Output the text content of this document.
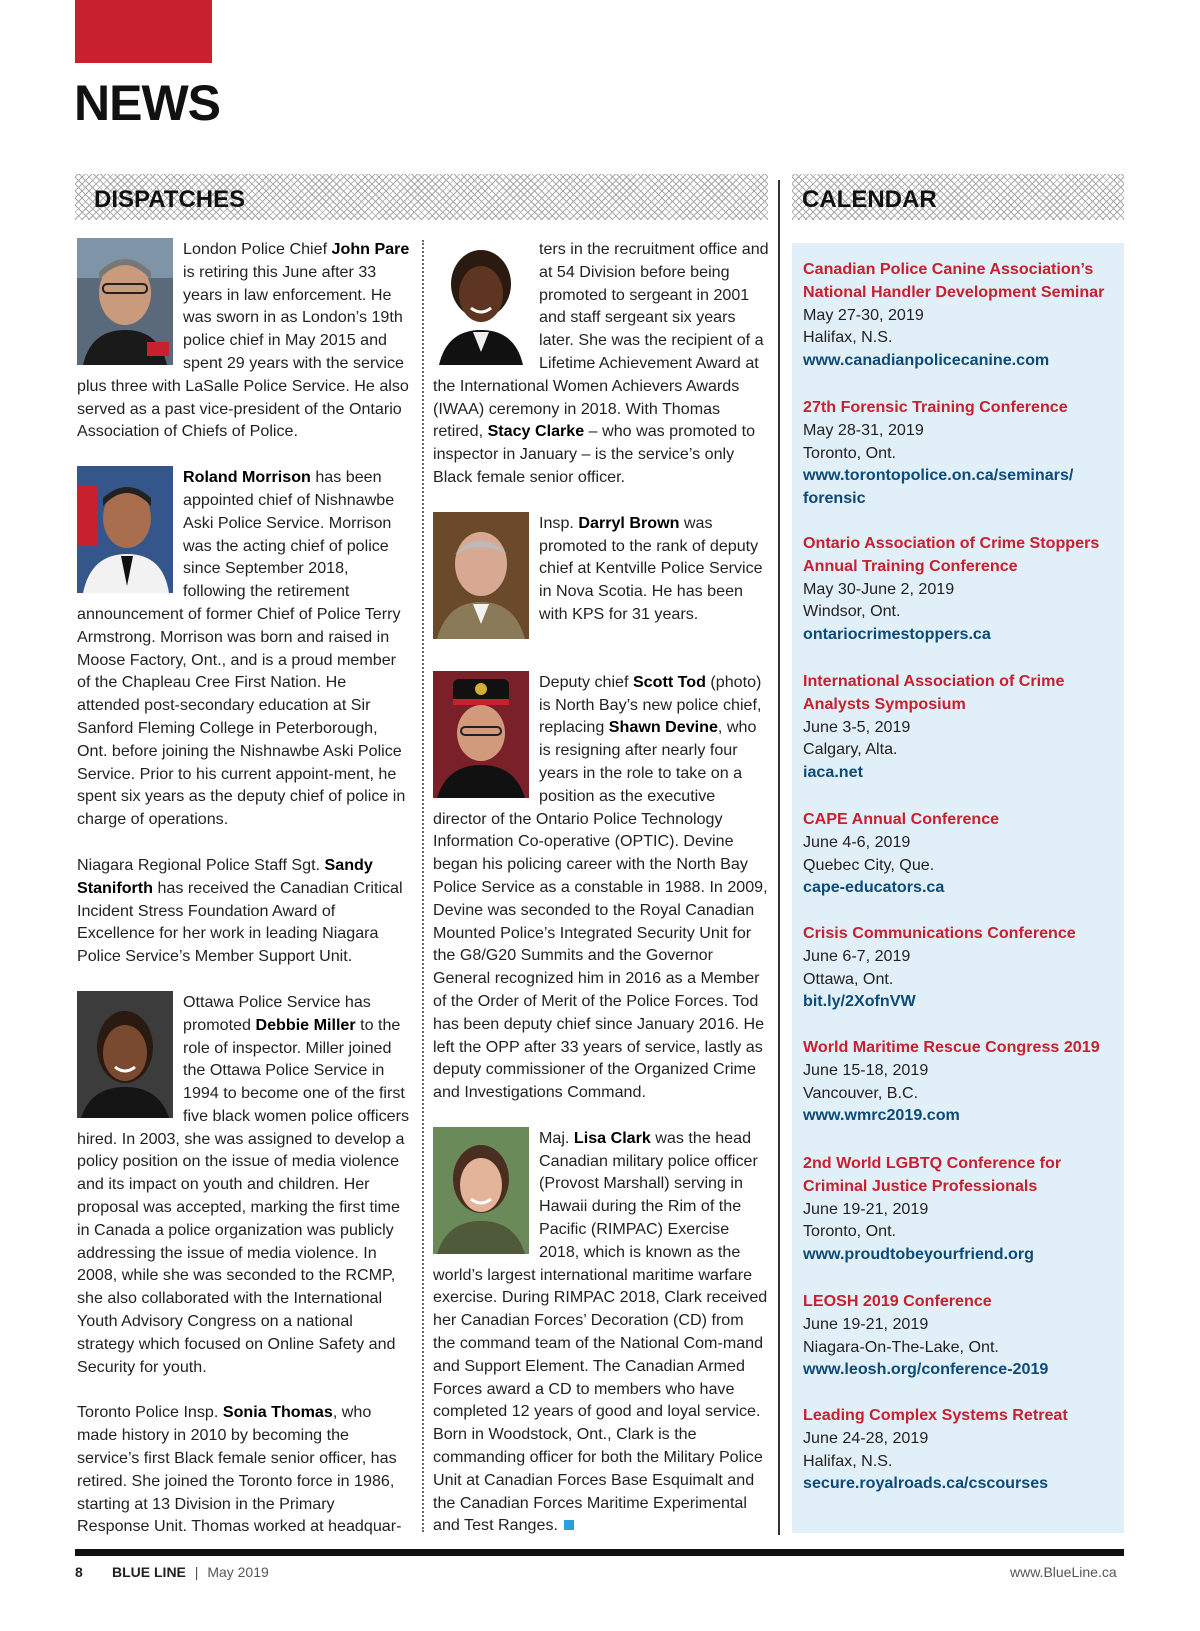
NEWS
DISPATCHES	CALENDAR

London Police Chief John Pare is retiring this June after 33 years in law enforcement. He was sworn in as London’s 19th police chief in May 2015 and spent 29 years with the service plus three with LaSalle Police Service. He also served as a past vice-president of the Ontario Association of Chiefs of Police.

Roland Morrison has been appointed chief of Nishnawbe Aski Police Service. Morrison was the acting chief of police since September 2018, following the retirement announcement of former Chief of Police Terry Armstrong. Morrison was born and raised in Moose Factory, Ont., and is a proud member of the Chapleau Cree First Nation. He attended post-secondary education at Sir Sanford Fleming College in Peterborough, Ont. before joining the Nishnawbe Aski Police Service. Prior to his current appoint-ment, he spent six years as the deputy chief of police in charge of operations.

Niagara Regional Police Staff Sgt. Sandy Staniforth has received the Canadian Critical Incident Stress Foundation Award of Excellence for her work in leading Niagara Police Service’s Member Support Unit.

Ottawa Police Service has promoted Debbie Miller to the role of inspector. Miller joined the Ottawa Police Service in 1994 to become one of the first five black women police officers hired. In 2003, she was assigned to develop a policy position on the issue of media violence and its impact on youth and children. Her proposal was accepted, marking the first time in Canada a police organization was publicly addressing the issue of media violence. In 2008, while she was seconded to the RCMP, she also collaborated with the International Youth Advisory Congress on a national strategy which focused on Online Safety and Security for youth.

Toronto Police Insp. Sonia Thomas, who made history in 2010 by becoming the service’s first Black female senior officer, has retired. She joined the Toronto force in 1986, starting at 13 Division in the Primary Response Unit. Thomas worked at headquar-

ters in the recruitment office and at 54 Division before being promoted to sergeant in 2001 and staff sergeant six years later. She was the recipient of a Lifetime Achievement Award at the International Women Achievers Awards (IWAA) ceremony in 2018. With Thomas retired, Stacy Clarke – who was promoted to inspector in January – is the service’s only Black female senior officer.

Insp. Darryl Brown was promoted to the rank of deputy chief at Kentville Police Service in Nova Scotia. He has been with KPS for 31 years.

Deputy chief Scott Tod (photo) is North Bay’s new police chief, replacing Shawn Devine, who is resigning after nearly four years in the role to take on a position as the executive director of the Ontario Police Technology Information Co-operative (OPTIC). Devine began his policing career with the North Bay Police Service as a constable in 1988. In 2009, Devine was seconded to the Royal Canadian Mounted Police’s Integrated Security Unit for the G8/G20 Summits and the Governor General recognized him in 2016 as a Member of the Order of Merit of the Police Forces. Tod has been deputy chief since January 2016. He left the OPP after 33 years of service, lastly as deputy commissioner of the Organized Crime and Investigations Command.

Maj. Lisa Clark was the head Canadian military police officer (Provost Marshall) serving in Hawaii during the Rim of the Pacific (RIMPAC) Exercise 2018, which is known as the world’s largest international maritime warfare exercise. During RIMPAC 2018, Clark received her Canadian Forces’ Decoration (CD) from the command team of the National Com-mand and Support Element. The Canadian Armed Forces award a CD to members who have completed 12 years of good and loyal service. Born in Woodstock, Ont., Clark is the commanding officer for both the Military Police Unit at Canadian Forces Base Esquimalt and the Canadian Forces Maritime Experimental and Test Ranges.

Canadian Police Canine Association’s National Handler Development Seminar
May 27-30, 2019
Halifax, N.S.
www.canadianpolicecanine.com
27th Forensic Training Conference
May 28-31, 2019
Toronto, Ont.
www.torontopolice.on.ca/seminars/ forensic
Ontario Association of Crime Stoppers Annual Training Conference
May 30-June 2, 2019
Windsor, Ont.
ontariocrimestoppers.ca
International Association of Crime Analysts Symposium
June 3-5, 2019
Calgary, Alta.
iaca.net
CAPE Annual Conference
June 4-6, 2019
Quebec City, Que.
cape-educators.ca
Crisis Communications Conference
June 6-7, 2019
Ottawa, Ont.
bit.ly/2XofnVW
World Maritime Rescue Congress 2019
June 15-18, 2019
Vancouver, B.C.
www.wmrc2019.com
2nd World LGBTQ Conference for Criminal Justice Professionals
June 19-21, 2019
Toronto, Ont.
www.proudtobeyourfriend.org
LEOSH 2019 Conference
June 19-21, 2019
Niagara-On-The-Lake, Ont.
www.leosh.org/conference-2019
Leading Complex Systems Retreat
June 24-28, 2019
Halifax, N.S.
secure.royalroads.ca/cscourses
8 BLUE LINE | May 2019	www.BlueLine.ca
